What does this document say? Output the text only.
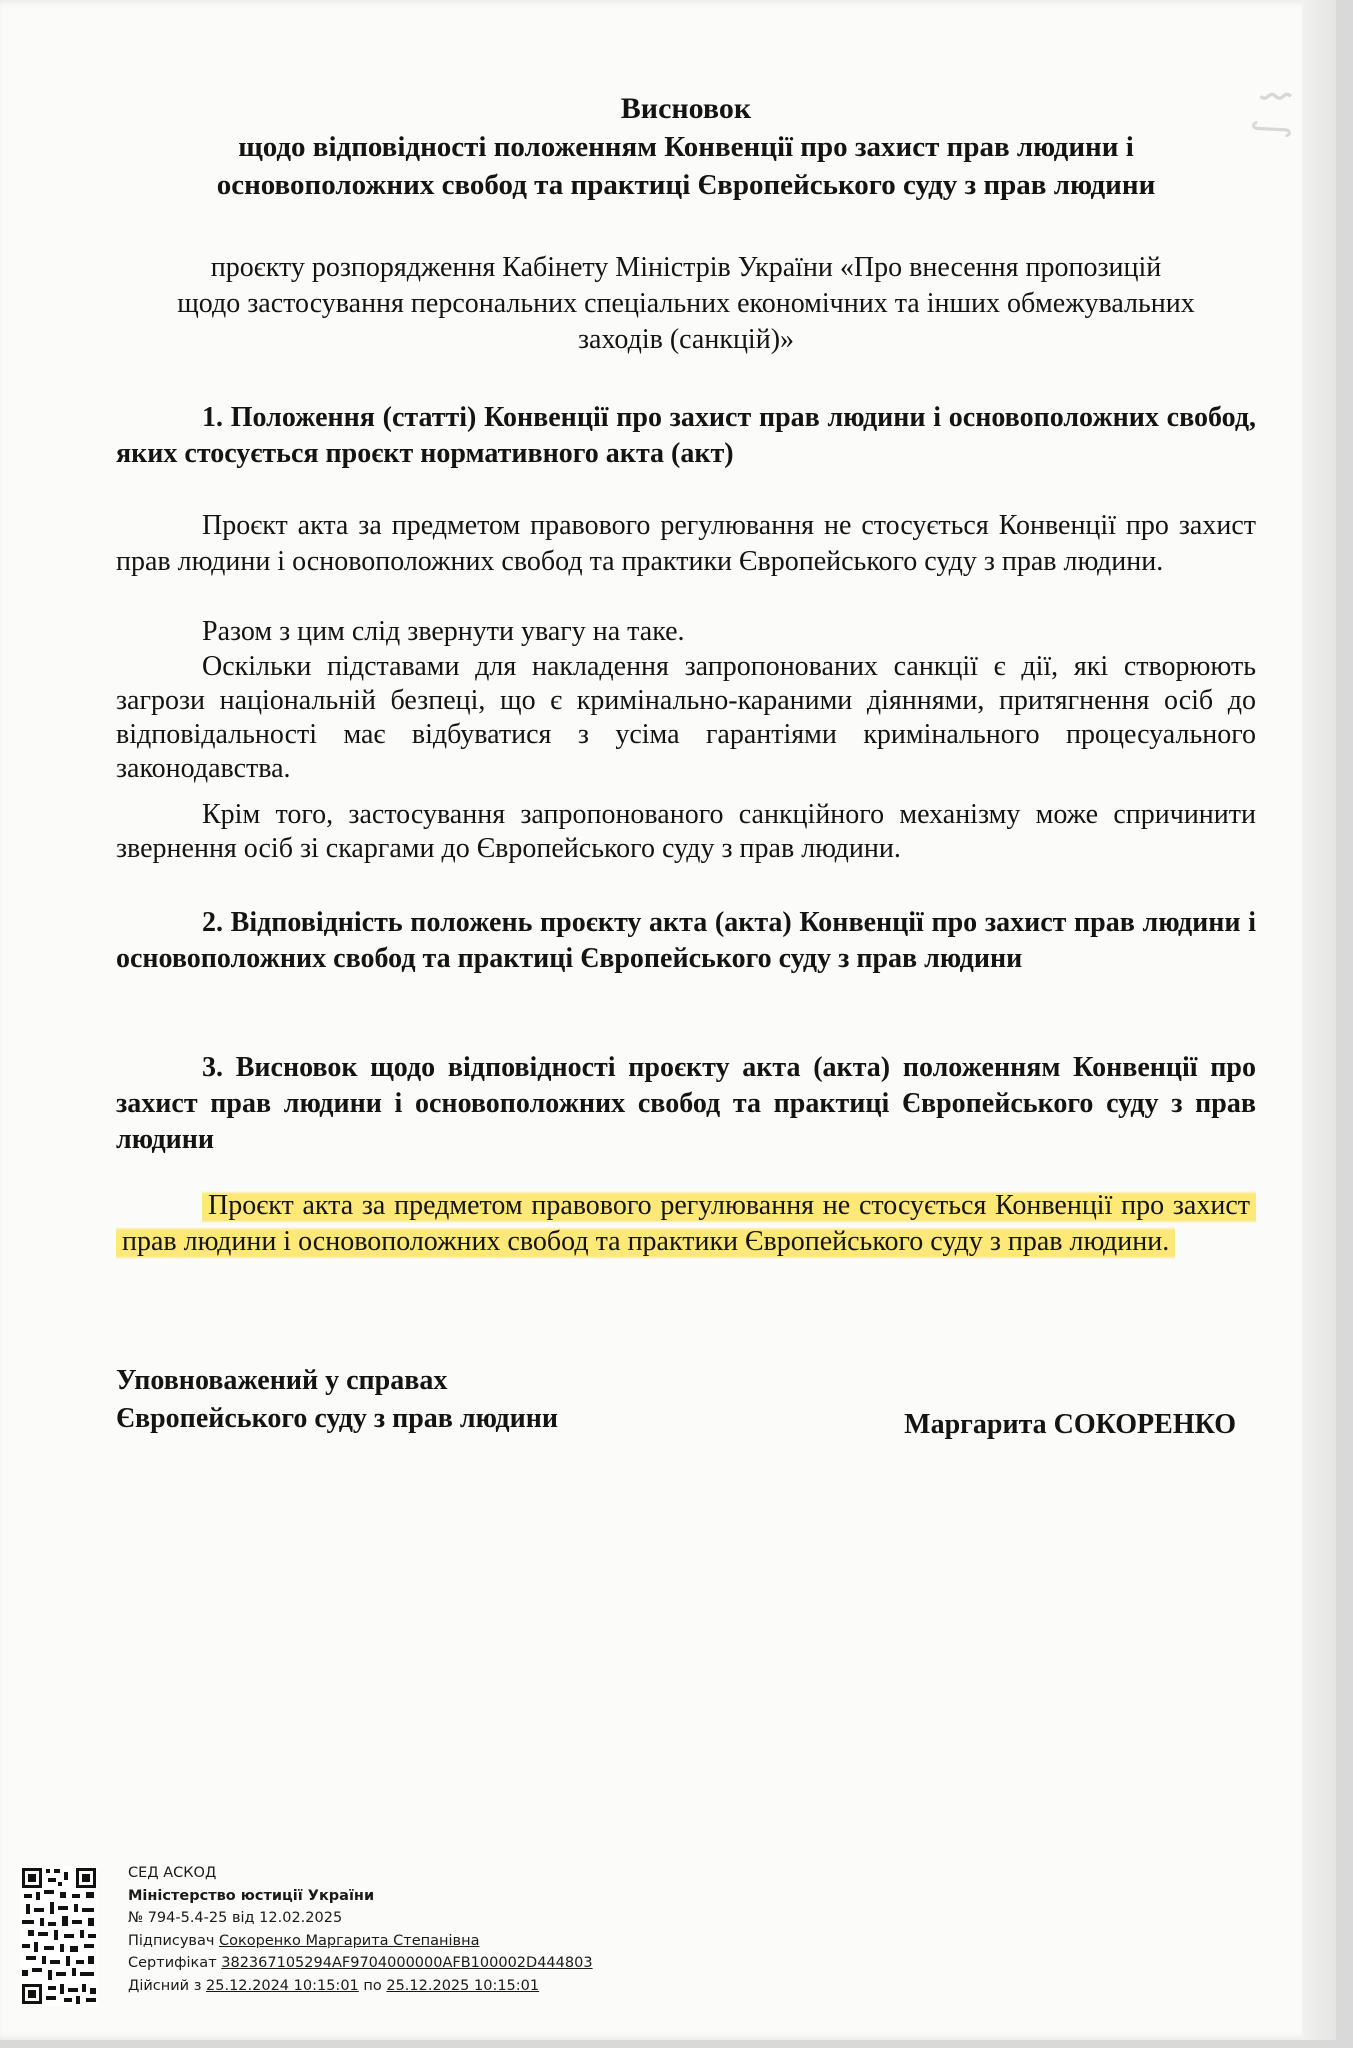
⌇ ∫
Висновок
щодо відповідності положенням Конвенції про захист прав людини і
основоположних свобод та практиці Європейського суду з прав людини
проєкту розпорядження Кабінету Міністрів України «Про внесення пропозицій
щодо застосування персональних спеціальних економічних та інших обмежувальних
заходів (санкцій)»
1. Положення (статті) Конвенції про захист прав людини і основоположних свобод, яких стосується проєкт нормативного акта (акт)
Проєкт акта за предметом правового регулювання не стосується Конвенції про захист прав людини і основоположних свобод та практики Європейського суду з прав людини.
Разом з цим слід звернути увагу на таке.
Оскільки підставами для накладення запропонованих санкції є дії, які створюють загрози національній безпеці, що є кримінально-караними діяннями, притягнення осіб до відповідальності має відбуватися з усіма гарантіями кримінального процесуального законодавства.
Крім того, застосування запропонованого санкційного механізму може спричинити звернення осіб зі скаргами до Європейського суду з прав людини.
2. Відповідність положень проєкту акта (акта) Конвенції про захист прав людини і основоположних свобод та практиці Європейського суду з прав людини
3. Висновок щодо відповідності проєкту акта (акта) положенням Конвенції про захист прав людини і основоположних свобод та практиці Європейського суду з прав людини
Проєкт акта за предметом правового регулювання не стосується Конвенції про захист прав людини і основоположних свобод та практики Європейського суду з прав людини.
Уповноважений у справах
Європейського суду з прав людини	Маргарита СОКОРЕНКО
СЕД АСКОД
Міністерство юстиції України
№ 794-5.4-25 від 12.02.2025
Підписувач Сокоренко Маргарита Степанівна
Сертифікат 382367105294AF9704000000AFB100002D444803
Дійсний з 25.12.2024 10:15:01 по 25.12.2025 10:15:01
